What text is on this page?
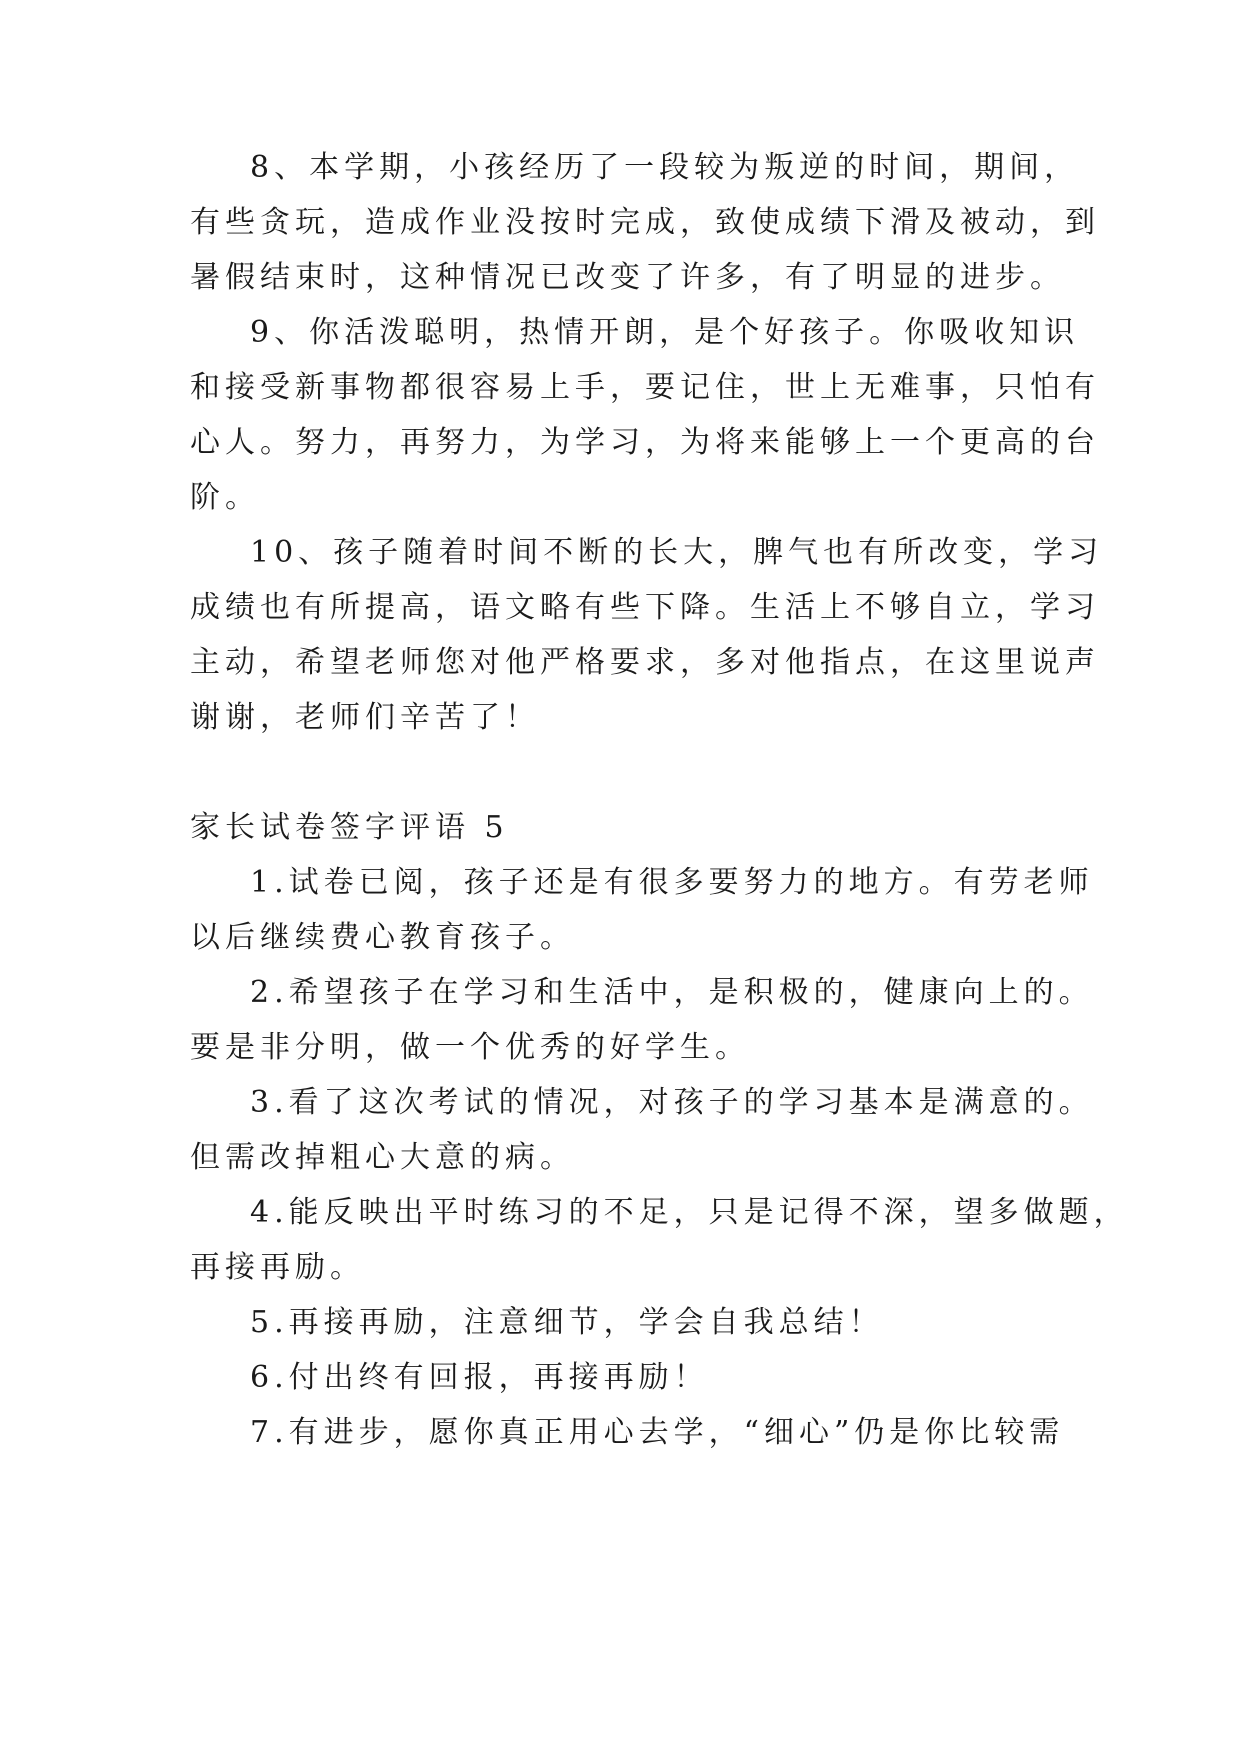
8、本学期，小孩经历了一段较为叛逆的时间，期间，
有些贪玩，造成作业没按时完成，致使成绩下滑及被动，到
暑假结束时，这种情况已改变了许多，有了明显的进步。
9、你活泼聪明，热情开朗，是个好孩子。你吸收知识
和接受新事物都很容易上手，要记住，世上无难事，只怕有
心人。努力，再努力，为学习，为将来能够上一个更高的台
阶。
10、孩子随着时间不断的长大，脾气也有所改变，学习
成绩也有所提高，语文略有些下降。生活上不够自立，学习
主动，希望老师您对他严格要求，多对他指点，在这里说声
谢谢，老师们辛苦了！
家长试卷签字评语 5
1.试卷已阅，孩子还是有很多要努力的地方。有劳老师
以后继续费心教育孩子。
2.希望孩子在学习和生活中，是积极的，健康向上的。
要是非分明，做一个优秀的好学生。
3.看了这次考试的情况，对孩子的学习基本是满意的。
但需改掉粗心大意的病。
4.能反映出平时练习的不足，只是记得不深，望多做题，
再接再励。
5.再接再励，注意细节，学会自我总结！
6.付出终有回报，再接再励！
7.有进步，愿你真正用心去学，“细心”仍是你比较需
